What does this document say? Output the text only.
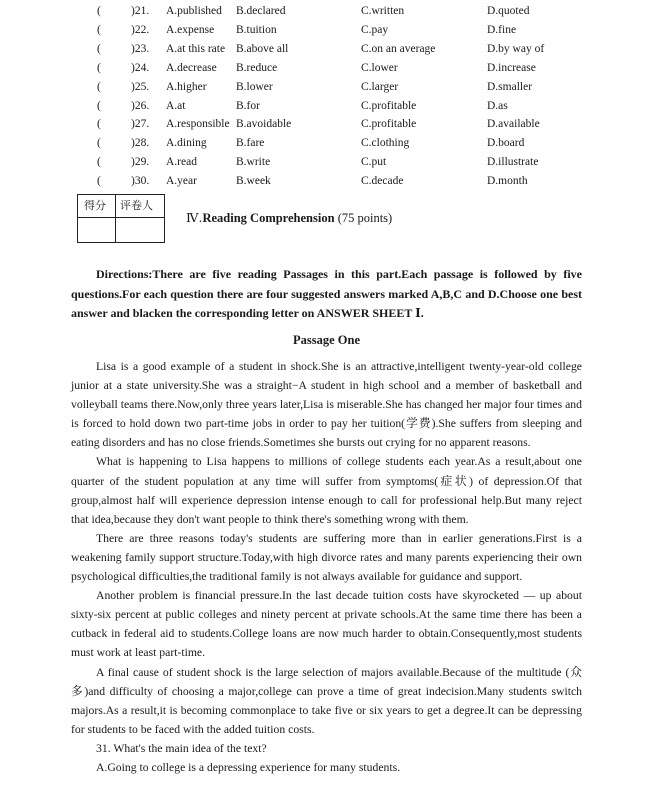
(	)21. A.published B.declared	C.written	D.quoted
(	)22. A.expense B.tuition	C.pay	D.fine
(	)23. A.at this rate B.above all	C.on an average	D.by way of
(	)24. A.decrease B.reduce	C.lower	D.increase
(	)25. A.higher	B.lower	C.larger	D.smaller
(	)26. A.at	B.for	C.profitable	D.as
(	)27. A.responsible B.avoidable	C.profitable	D.available
(	)28. A.dining	B.fare	C.clothing	D.board
(	)29. A.read	B.write	C.put	D.illustrate
(	)30. A.year	B.week	C.decade	D.month
得分 评卷人
Ⅳ.Reading Comprehension (75 points)
Directions:There are five reading Passages in this part.Each passage is followed by five questions.For each question there are four suggested answers marked A,B,C and D.Choose one best answer and blacken the corresponding letter on ANSWER SHEET Ⅰ.
Passage One

Lisa is a good example of a student in shock.She is an attractive,intelligent twenty-year-old college junior at a state university.She was a straight−A student in high school and a member of basketball and volleyball teams there.Now,only three years later,Lisa is miserable.She has changed her major four times and is forced to hold down two part-time jobs in order to pay her tuition(学费).She suffers from sleeping and eating disorders and has no close friends.Sometimes she bursts out crying for no apparent reasons.

What is happening to Lisa happens to millions of college students each year.As a result,about one quarter of the student population at any time will suffer from symptoms(症状) of depression.Of that group,almost half will experience depression intense enough to call for professional help.But many reject that idea,because they don't want people to think there's something wrong with them.

There are three reasons today's students are suffering more than in earlier generations.First is a weakening family support structure.Today,with high divorce rates and many parents experiencing their own psychological difficulties,the traditional family is not always available for guidance and support.

Another problem is financial pressure.In the last decade tuition costs have skyrocketed — up about sixty-six percent at public colleges and ninety percent at private schools.At the same time there has been a cutback in federal aid to students.College loans are now much harder to obtain.Consequently,most students must work at least part-time.

A final cause of student shock is the large selection of majors available.Because of the multitude (众多)and difficulty of choosing a major,college can prove a time of great indecision.Many students switch majors.As a result,it is becoming commonplace to take five or six years to get a degree.It can be depressing for students to be faced with the added tuition costs.

31. What's the main idea of the text?

A.Going to college is a depressing experience for many students.
